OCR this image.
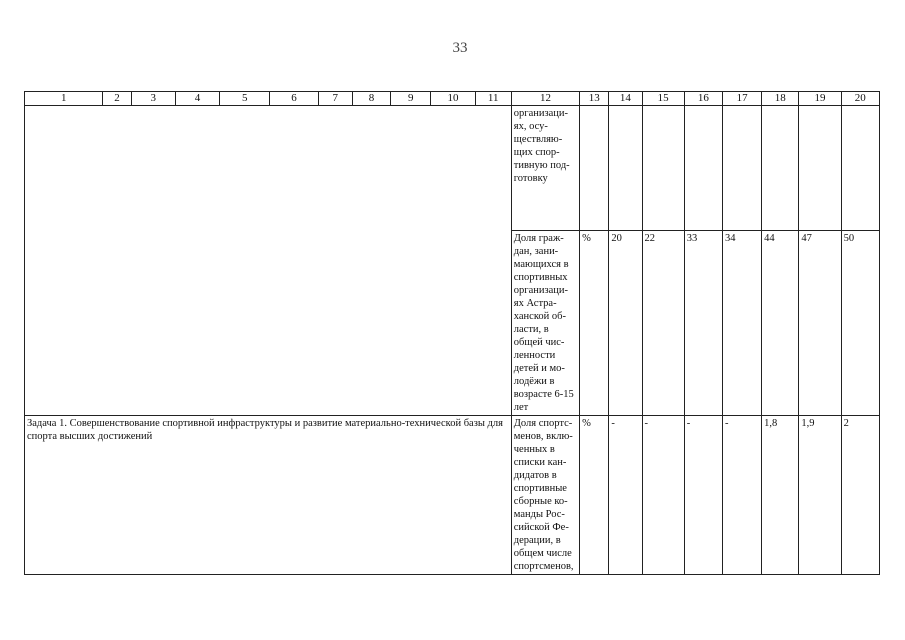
33
1	2	3	4	5	6	7	8	9	10	11	12	13	14	15	16	17	18	19	20
											организаци-ях, осу-ществляю-щих спор-тивную под-готовку								
											Доля граж-дан, зани-мающихся в спортивных организаци-ях Астра-ханской об-ласти, в общей чис-ленности детей и мо-лодёжи в возрасте 6-15 лет	%	20	22	33	34	44	47	50
Задача 1. Совершенствование спортивной инфраструктуры и развитие материально-технической базы для спорта высших достижений											Доля спортс-менов, вклю-ченных в списки кан-дидатов в спортивные сборные ко-манды Рос-сийской Фе-дерации, в общем числе спортсменов,	%	-	-	-	-	1,8	1,9	2
